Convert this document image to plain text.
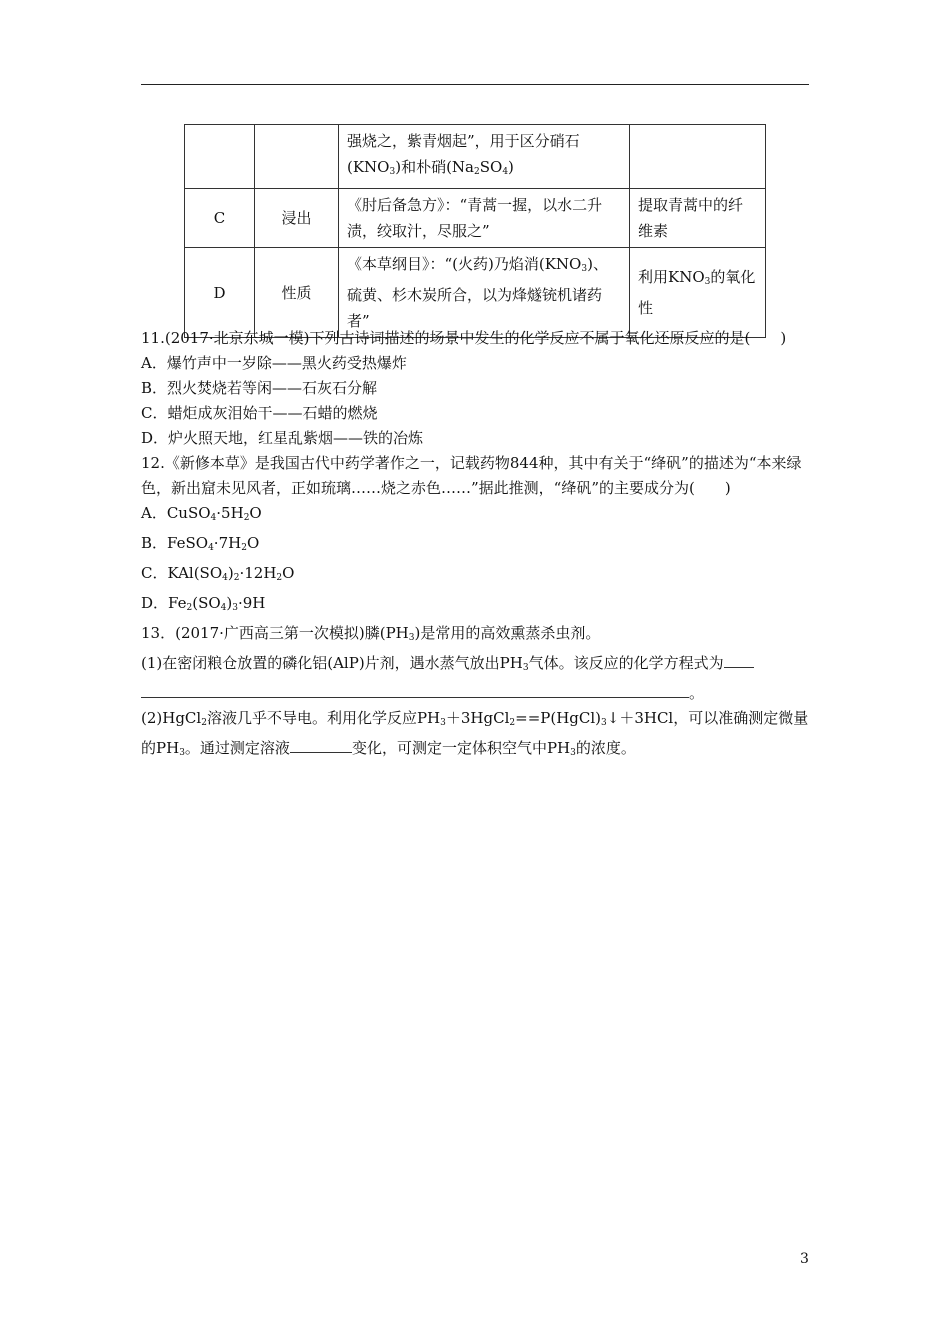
		强烧之，紫青烟起”，用于区分硝石$(KNO_3)$和朴硝$(Na_2SO_4)$	
C	浸出	《肘后备急方》：“青蒿一握，以水二升渍，绞取汁，尽服之”	提取青蒿中的纤维素
D	性质	《本草纲目》：“(火药)乃焰消$(KNO_3)$、硫黄、杉木炭所合，以为烽燧铳机诸药者”	利用$KNO_3$的氧化性

11.(2017·北京东城一模)下列古诗词描述的场景中发生的化学反应不属于氧化还原反应的是(　　)

A．爆竹声中一岁除——黑火药受热爆炸

B．烈火焚烧若等闲——石灰石分解

C．蜡炬成灰泪始干——石蜡的燃烧

D．炉火照天地，红星乱紫烟——铁的冶炼

12.《新修本草》是我国古代中药学著作之一，记载药物844种，其中有关于“绛矾”的描述为“本来绿色，新出窟未见风者，正如琉璃……烧之赤色……”据此推测，“绛矾”的主要成分为(　　)

A．$CuSO_4\cdot 5H_2O$

B．$FeSO_4\cdot 7H_2O$

C．$KAl(SO_4)_2\cdot 12H_2O$

D．$Fe_2(SO_4)_3\cdot 9H$

13．(2017·广西高三第一次模拟)膦$(PH_3)$是常用的高效熏蒸杀虫剂。

(1)在密闭粮仓放置的磷化铝(AlP)片剂，遇水蒸气放出$PH_3$气体。该反应的化学方程式为
。

(2)HgCl$_2$溶液几乎不导电。利用化学反应$PH_3+3HgCl_2==P(HgCl)_3↓+3HCl$，可以准确测定微量的$PH_3$。通过测定溶液	变化，可测定一定体积空气中$PH_3$的浓度。

3
